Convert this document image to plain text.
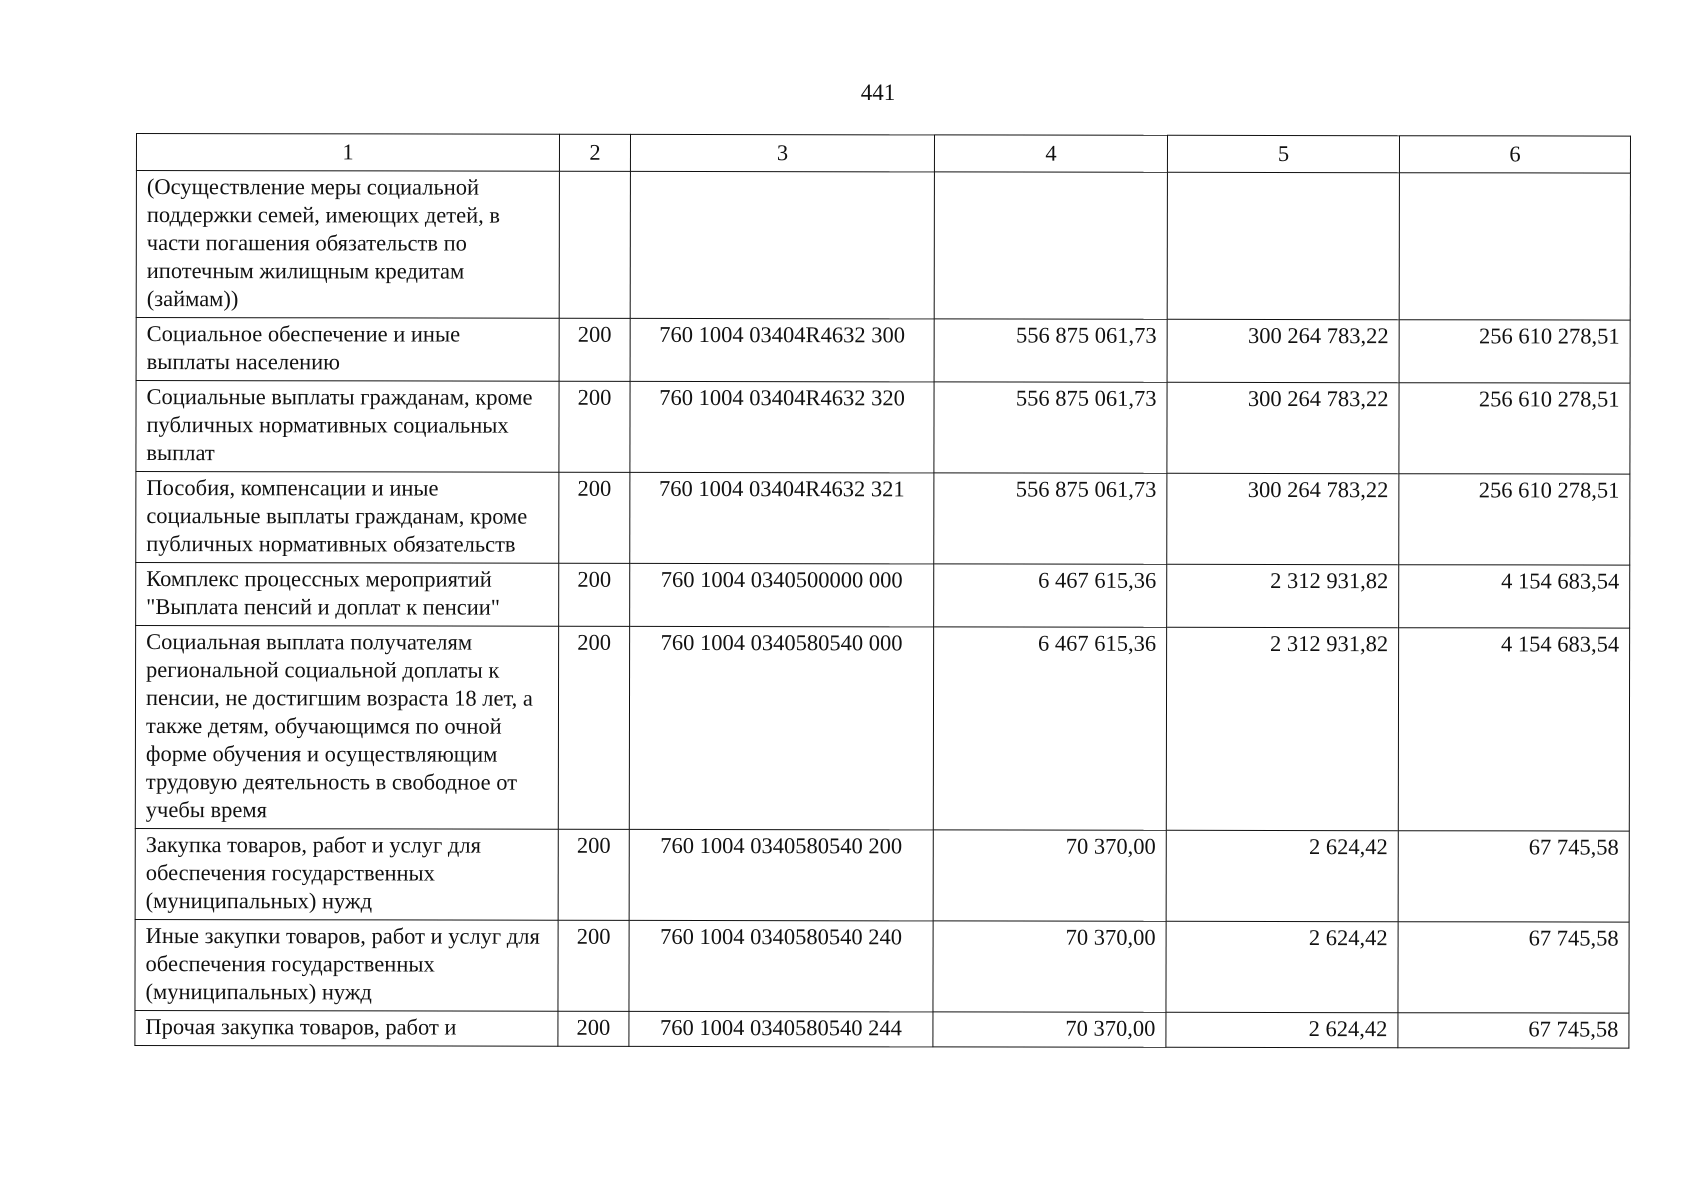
441
1	2	3	4	5	6
(Осуществление меры социальной поддержки семей, имеющих детей, в части погашения обязательств по ипотечным жилищным кредитам (займам))					
Социальное обеспечение и иные выплаты населению	200	760 1004 03404R4632 300	556 875 061,73	300 264 783,22	256 610 278,51
Социальные выплаты гражданам, кроме публичных нормативных социальных выплат	200	760 1004 03404R4632 320	556 875 061,73	300 264 783,22	256 610 278,51
Пособия, компенсации и иные социальные выплаты гражданам, кроме публичных нормативных обязательств	200	760 1004 03404R4632 321	556 875 061,73	300 264 783,22	256 610 278,51
Комплекс процессных мероприятий "Выплата пенсий и доплат к пенсии"	200	760 1004 0340500000 000	6 467 615,36	2 312 931,82	4 154 683,54
Социальная выплата получателям региональной социальной доплаты к пенсии, не достигшим возраста 18 лет, а также детям, обучающимся по очной форме обучения и осуществляющим трудовую деятельность в свободное от учебы время	200	760 1004 0340580540 000	6 467 615,36	2 312 931,82	4 154 683,54
Закупка товаров, работ и услуг для обеспечения государственных (муниципальных) нужд	200	760 1004 0340580540 200	70 370,00	2 624,42	67 745,58
Иные закупки товаров, работ и услуг для обеспечения государственных (муниципальных) нужд	200	760 1004 0340580540 240	70 370,00	2 624,42	67 745,58
Прочая закупка товаров, работ и	200	760 1004 0340580540 244	70 370,00	2 624,42	67 745,58
